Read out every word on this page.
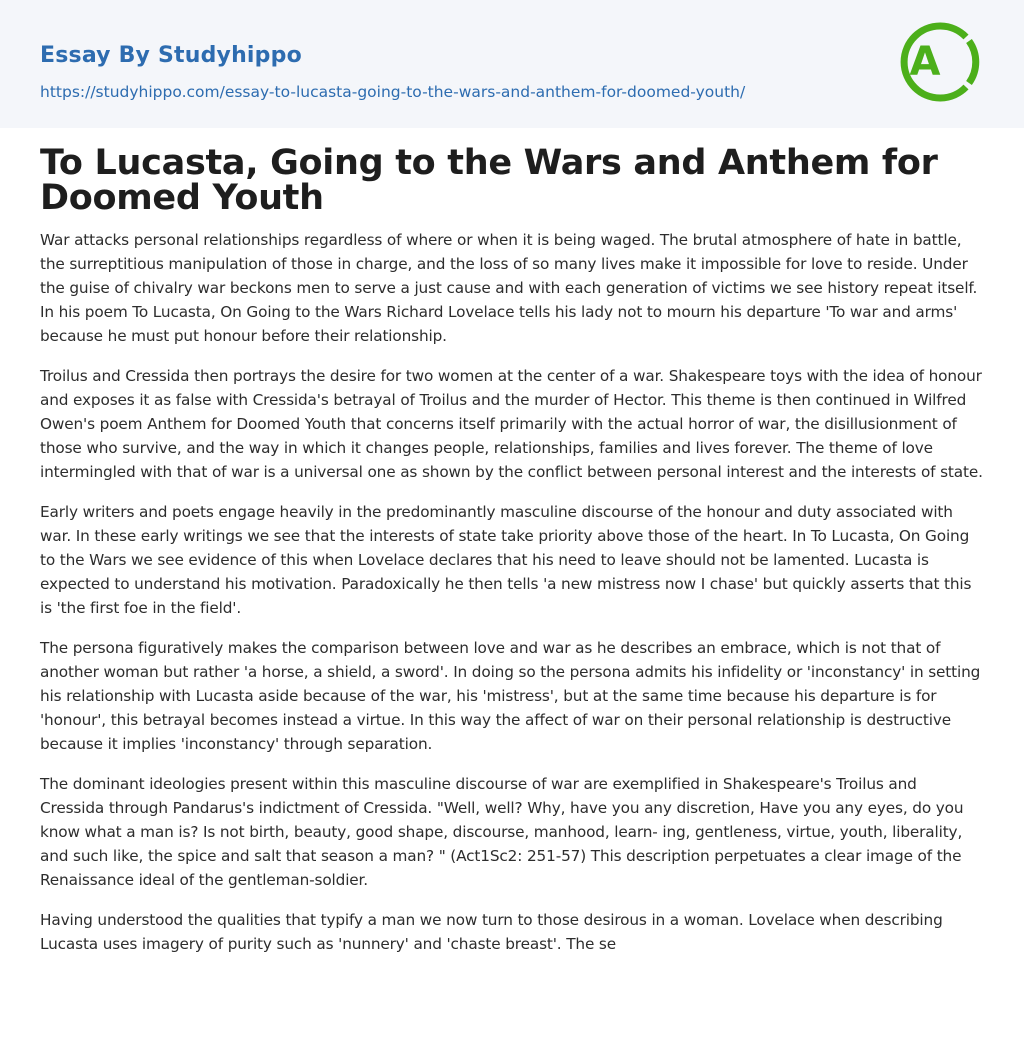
Essay By Studyhippo
https://studyhippo.com/essay-to-lucasta-going-to-the-wars-and-anthem-for-doomed-youth/
A
To Lucasta, Going to the Wars and Anthem for Doomed Youth

War attacks personal relationships regardless of where or when it is being waged. The brutal atmosphere of hate in battle, the surreptitious manipulation of those in charge, and the loss of so many lives make it impossible for love to reside. Under the guise of chivalry war beckons men to serve a just cause and with each generation of victims we see history repeat itself. In his poem To Lucasta, On Going to the Wars Richard Lovelace tells his lady not to mourn his departure 'To war and arms' because he must put honour before their relationship.

Troilus and Cressida then portrays the desire for two women at the center of a war. Shakespeare toys with the idea of honour and exposes it as false with Cressida's betrayal of Troilus and the murder of Hector. This theme is then continued in Wilfred Owen's poem Anthem for Doomed Youth that concerns itself primarily with the actual horror of war, the disillusionment of those who survive, and the way in which it changes people, relationships, families and lives forever. The theme of love intermingled with that of war is a universal one as shown by the conflict between personal interest and the interests of state.

Early writers and poets engage heavily in the predominantly masculine discourse of the honour and duty associated with war. In these early writings we see that the interests of state take priority above those of the heart. In To Lucasta, On Going to the Wars we see evidence of this when Lovelace declares that his need to leave should not be lamented. Lucasta is expected to understand his motivation. Paradoxically he then tells 'a new mistress now I chase' but quickly asserts that this is 'the first foe in the field'.

The persona figuratively makes the comparison between love and war as he describes an embrace, which is not that of another woman but rather 'a horse, a shield, a sword'. In doing so the persona admits his infidelity or 'inconstancy' in setting his relationship with Lucasta aside because of the war, his 'mistress', but at the same time because his departure is for 'honour', this betrayal becomes instead a virtue. In this way the affect of war on their personal relationship is destructive because it implies 'inconstancy' through separation.

The dominant ideologies present within this masculine discourse of war are exemplified in Shakespeare's Troilus and Cressida through Pandarus's indictment of Cressida. "Well, well? Why, have you any discretion, Have you any eyes, do you know what a man is? Is not birth, beauty, good shape, discourse, manhood, learn- ing, gentleness, virtue, youth, liberality, and such like, the spice and salt that season a man? " (Act1Sc2: 251-57) This description perpetuates a clear image of the Renaissance ideal of the gentleman-soldier.

Having understood the qualities that typify a man we now turn to those desirous in a woman. Lovelace when describing Lucasta uses imagery of purity such as 'nunnery' and 'chaste breast'. The se
